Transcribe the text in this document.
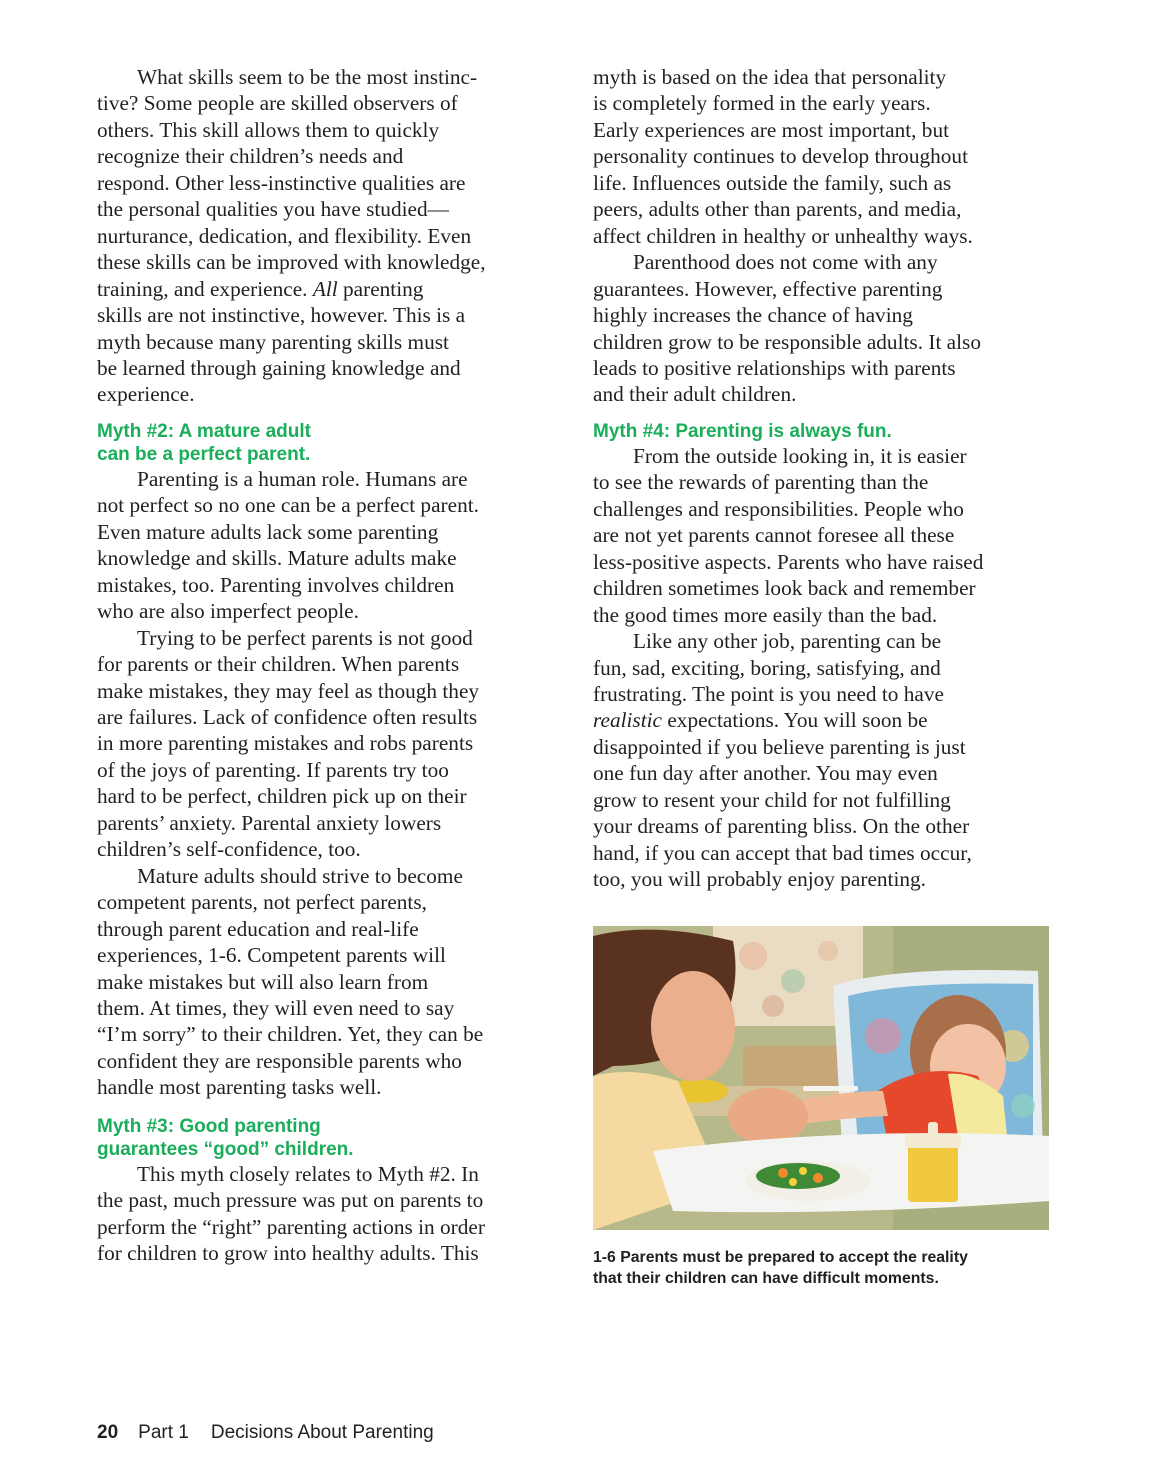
What skills seem to be the most instinc-
tive? Some people are skilled observers of
others. This skill allows them to quickly
recognize their children’s needs and
respond. Other less-instinctive qualities are
the personal qualities you have studied—
nurturance, dedication, and flexibility. Even
these skills can be improved with knowledge,
training, and experience. All parenting
skills are not instinctive, however. This is a
myth because many parenting skills must
be learned through gaining knowledge and
experience.

Myth #2: A mature adult
can be a perfect parent.

Parenting is a human role. Humans are
not perfect so no one can be a perfect parent.
Even mature adults lack some parenting
knowledge and skills. Mature adults make
mistakes, too. Parenting involves children
who are also imperfect people.

Trying to be perfect parents is not good
for parents or their children. When parents
make mistakes, they may feel as though they
are failures. Lack of confidence often results
in more parenting mistakes and robs parents
of the joys of parenting. If parents try too
hard to be perfect, children pick up on their
parents’ anxiety. Parental anxiety lowers
children’s self-confidence, too.

Mature adults should strive to become
competent parents, not perfect parents,
through parent education and real-life
experiences, 1-6. Competent parents will
make mistakes but will also learn from
them. At times, they will even need to say
“I’m sorry” to their children. Yet, they can be
confident they are responsible parents who
handle most parenting tasks well.

Myth #3: Good parenting
guarantees “good” children.

This myth closely relates to Myth #2. In
the past, much pressure was put on parents to
perform the “right” parenting actions in order
for children to grow into healthy adults. This

myth is based on the idea that personality
is completely formed in the early years.
Early experiences are most important, but
personality continues to develop throughout
life. Influences outside the family, such as
peers, adults other than parents, and media,
affect children in healthy or unhealthy ways.

Parenthood does not come with any
guarantees. However, effective parenting
highly increases the chance of having
children grow to be responsible adults. It also
leads to positive relationships with parents
and their adult children.

Myth #4: Parenting is always fun.

From the outside looking in, it is easier
to see the rewards of parenting than the
challenges and responsibilities. People who
are not yet parents cannot foresee all these
less-positive aspects. Parents who have raised
children sometimes look back and remember
the good times more easily than the bad.

Like any other job, parenting can be
fun, sad, exciting, boring, satisfying, and
frustrating. The point is you need to have
realistic expectations. You will soon be
disappointed if you believe parenting is just
one fun day after another. You may even
grow to resent your child for not fulfilling
your dreams of parenting bliss. On the other
hand, if you can accept that bad times occur,
too, you will probably enjoy parenting.

1-6 Parents must be prepared to accept the reality
that their children can have difficult moments.

20 Part 1 Decisions About Parenting
